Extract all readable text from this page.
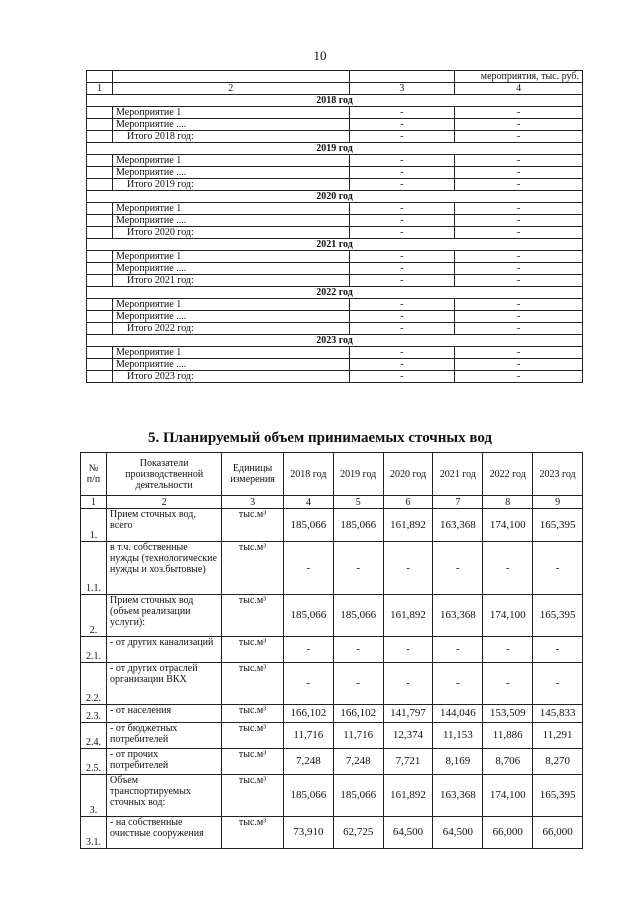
10
			мероприятия, тыс. руб.
1	2	3	4
2018 год			
	Мероприятие 1	-	-
	Мероприятие ....	-	-
	Итого 2018 год:	-	-
2019 год			
	Мероприятие 1	-	-
	Мероприятие ....	-	-
	Итого 2019 год:	-	-
2020 год			
	Мероприятие 1	-	-
	Мероприятие ....	-	-
	Итого 2020 год:	-	-
2021 год			
	Мероприятие 1	-	-
	Мероприятие ....	-	-
	Итого 2021 год:	-	-
2022 год			
	Мероприятие 1	-	-
	Мероприятие ....	-	-
	Итого 2022 год:	-	-
2023 год			
	Мероприятие 1	-	-
	Мероприятие ....	-	-
	Итого 2023 год:	-	-
5. Планируемый объем принимаемых сточных вод
№ п/п	Показатели производственной деятельности	Единицы измерения	2018 год	2019 год	2020 год	2021 год	2022 год	2023 год
1	2	3	4	5	6	7	8	9
1.	Прием сточных вод, всего	тыс.м³	185,066	185,066	161,892	163,368	174,100	165,395
1.1.	в т.ч. собственные нужды (технологические нужды и хоз.бытовые)	тыс.м³	-	-	-	-	-	-
2.	Прием сточных вод (объем реализации услуги):	тыс.м³	185,066	185,066	161,892	163,368	174,100	165,395
2.1.	- от других канализаций	тыс.м³	-	-	-	-	-	-
2.2.	- от других отраслей организации ВКХ	тыс.м³	-	-	-	-	-	-
2.3.	- от населения	тыс.м³	166,102	166,102	141,797	144,046	153,509	145,833
2.4.	- от бюджетных потребителей	тыс.м³	11,716	11,716	12,374	11,153	11,886	11,291
2.5.	- от прочих потребителей	тыс.м³	7,248	7,248	7,721	8,169	8,706	8,270
3.	Объем транспортируемых сточных вод:	тыс.м³	185,066	185,066	161,892	163,368	174,100	165,395
3.1.	- на собственные очистные сооружения	тыс.м³	73,910	62,725	64,500	64,500	66,000	66,000
